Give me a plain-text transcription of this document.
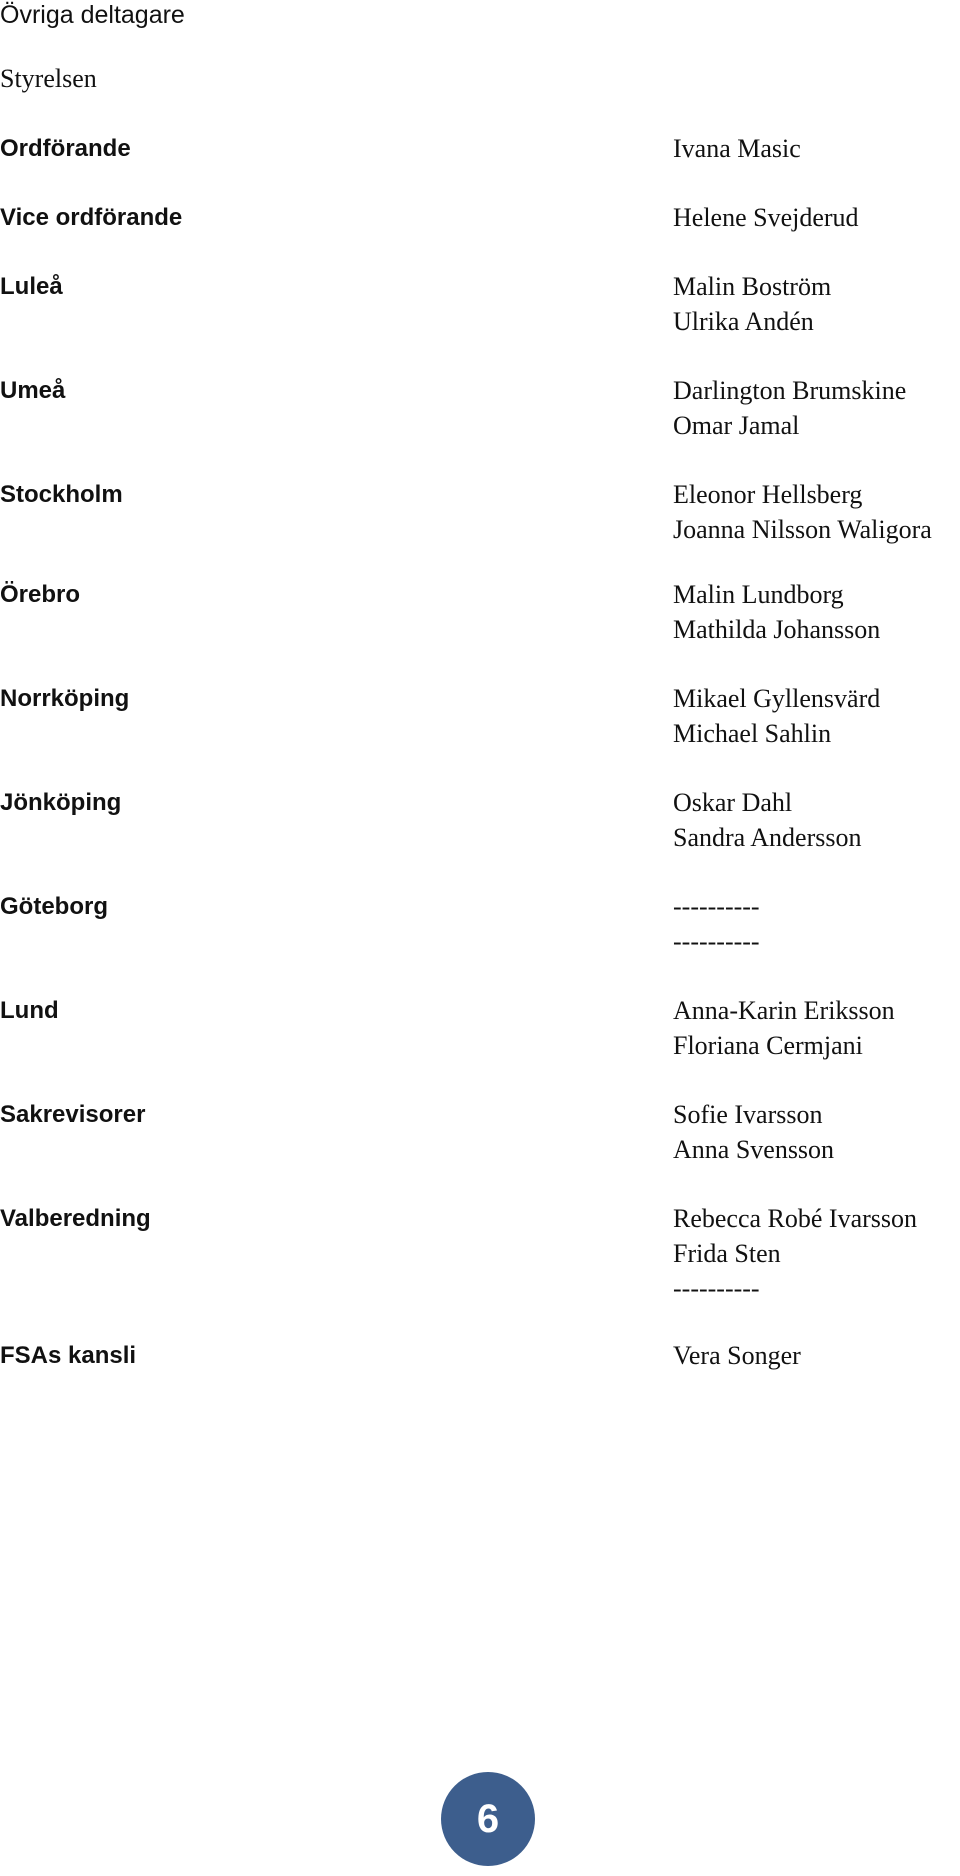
Övriga deltagare
Styrelsen
Ordförande	Ivana Masic
Vice ordförande	Helene Svejderud
Luleå	Malin Boström
Ulrika Andén
Umeå	Darlington Brumskine
Omar Jamal
Stockholm	Eleonor Hellsberg
Joanna Nilsson Waligora
Örebro	Malin Lundborg
Mathilda Johansson
Norrköping	Mikael Gyllensvärd
Michael Sahlin
Jönköping	Oskar Dahl
Sandra Andersson
Göteborg	----------
----------
Lund	Anna-Karin Eriksson
Floriana Cermjani
Sakrevisorer	Sofie Ivarsson
Anna Svensson
Valberedning	Rebecca Robé Ivarsson
Frida Sten
----------
FSAs kansli	Vera Songer
6
